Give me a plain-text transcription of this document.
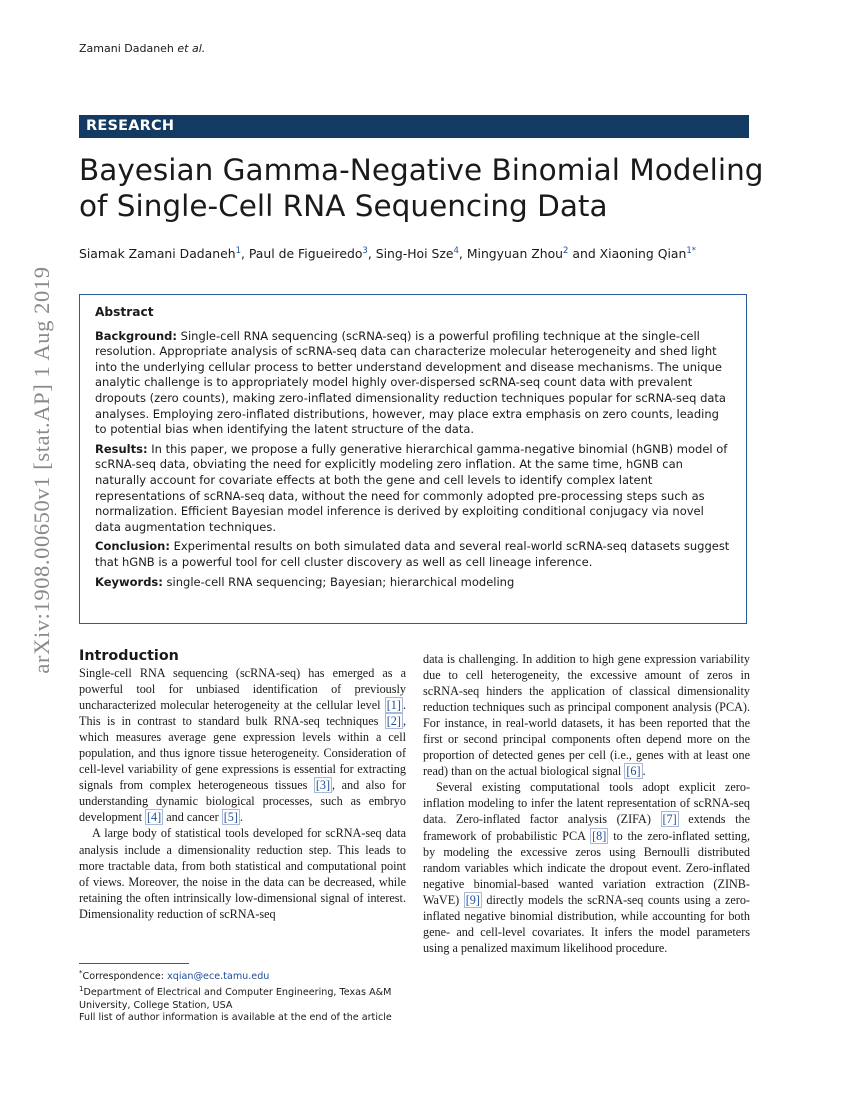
Zamani Dadaneh et al.
RESEARCH
Bayesian Gamma-Negative Binomial Modeling of Single-Cell RNA Sequencing Data
Siamak Zamani Dadaneh$^1$, Paul de Figueiredo$^3$, Sing-Hoi Sze$^4$, Mingyuan Zhou$^2$ and Xiaoning Qian$^{1*}$
arXiv:1908.00650v1 [stat.AP] 1 Aug 2019	Abstract

Background: Single-cell RNA sequencing (scRNA-seq) is a powerful profiling technique at the single-cell resolution. Appropriate analysis of scRNA-seq data can characterize molecular heterogeneity and shed light into the underlying cellular process to better understand development and disease mechanisms. The unique analytic challenge is to appropriately model highly over-dispersed scRNA-seq count data with prevalent dropouts (zero counts), making zero-inflated dimensionality reduction techniques popular for scRNA-seq data analyses. Employing zero-inflated distributions, however, may place extra emphasis on zero counts, leading to potential bias when identifying the latent structure of the data.

Results: In this paper, we propose a fully generative hierarchical gamma-negative binomial (hGNB) model of scRNA-seq data, obviating the need for explicitly modeling zero inflation. At the same time, hGNB can naturally account for covariate effects at both the gene and cell levels to identify complex latent representations of scRNA-seq data, without the need for commonly adopted pre-processing steps such as normalization. Efficient Bayesian model inference is derived by exploiting conditional conjugacy via novel data augmentation techniques.

Conclusion: Experimental results on both simulated data and several real-world scRNA-seq datasets suggest that hGNB is a powerful tool for cell cluster discovery as well as cell lineage inference.

Keywords: single-cell RNA sequencing; Bayesian; hierarchical modeling

Introduction

Single-cell RNA sequencing (scRNA-seq) has emerged as a powerful tool for unbiased identification of previously uncharacterized molecular heterogeneity at the cellular level [1] . This is in contrast to standard bulk RNA-seq techniques [2] , which measures average gene expression levels within a cell population, and thus ignore tissue heterogeneity. Consideration of cell-level variability of gene expressions is essential for extracting signals from complex heterogeneous tissues [3] , and also for understanding dynamic biological processes, such as embryo development [4] and cancer [5] .

A large body of statistical tools developed for scRNA-seq data analysis include a dimensionality reduction step. This leads to more tractable data, from both statistical and computational point of views. Moreover, the noise in the data can be decreased, while retaining the often intrinsically low-dimensional signal of interest. Dimensionality reduction of scRNA-seq

data is challenging. In addition to high gene expression variability due to cell heterogeneity, the excessive amount of zeros in scRNA-seq hinders the application of classical dimensionality reduction techniques such as principal component analysis (PCA). For instance, in real-world datasets, it has been reported that the first or second principal components often depend more on the proportion of detected genes per cell (i.e., genes with at least one read) than on the actual biological signal [6] .

Several existing computational tools adopt explicit zero-inflation modeling to infer the latent representation of scRNA-seq data. Zero-inflated factor analysis (ZIFA) [7] extends the framework of probabilistic PCA [8] to the zero-inflated setting, by modeling the excessive zeros using Bernoulli distributed random variables which indicate the dropout event. Zero-inflated negative binomial-based wanted variation extraction (ZINB-WaVE) [9] directly models the scRNA-seq counts using a zero-inflated negative binomial distribution, while accounting for both gene- and cell-level covariates. It infers the model parameters using a penalized maximum likelihood procedure.

*Correspondence: xqian@ece.tamu.edu
$^1$Department of Electrical and Computer Engineering, Texas A&M University, College Station, USA
Full list of author information is available at the end of the article
